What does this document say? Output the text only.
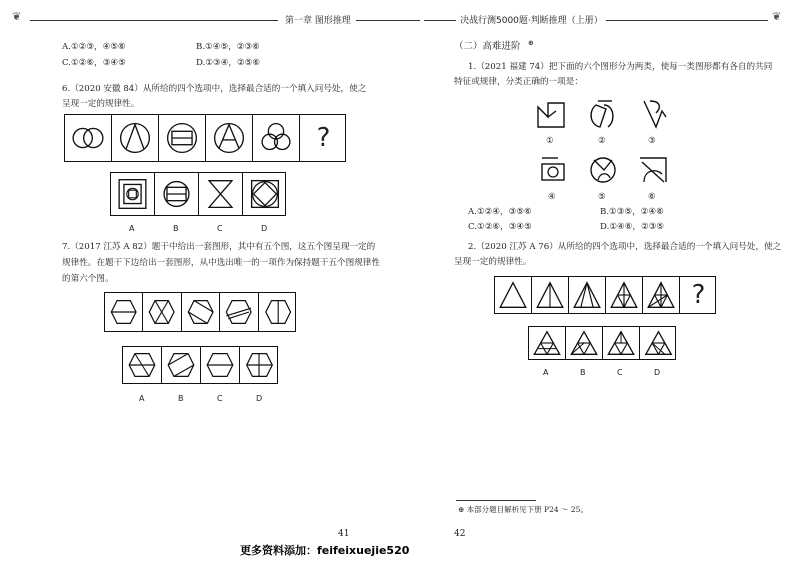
❦	第一章 图形推理	决战行测5000题·判断推理（上册）	❦
A.①②③，④⑤⑥	B.①④⑤，②③⑥
C.①②⑥，③④⑤	D.①③④，②⑤⑥
6.（2020 安徽 84）从所给的四个选项中，选择最合适的一个填入问号处，使之
呈现一定的规律性。
?
A	B	C	D
7.（2017 江苏 A 82）题干中给出一套图形，其中有五个图，这五个图呈现一定的
规律性。在题干下边给出一套图形，从中选出唯一的一项作为保持题干五个图规律性
的第六个图。
A	B	C	D
41
更多资料添加：feifeixuejie520
（二）高难进阶 ⊕
1.（2021 福建 74）把下面的六个图形分为两类，使每一类图形都有各自的共同
特征或规律，分类正确的一项是：
①	②	③
④	⑤	⑥
A.①②④，③⑤⑥	B.①③⑤，②④⑥
C.①②⑥，③④⑤	D.①④⑥，②③⑤
2.（2020 江苏 A 76）从所给的四个选项中，选择最合适的一个填入问号处，使之
呈现一定的规律性。
?
A	B	C	D
⊕ 本部分题目解析见下册 P24 ～ 25。
42
